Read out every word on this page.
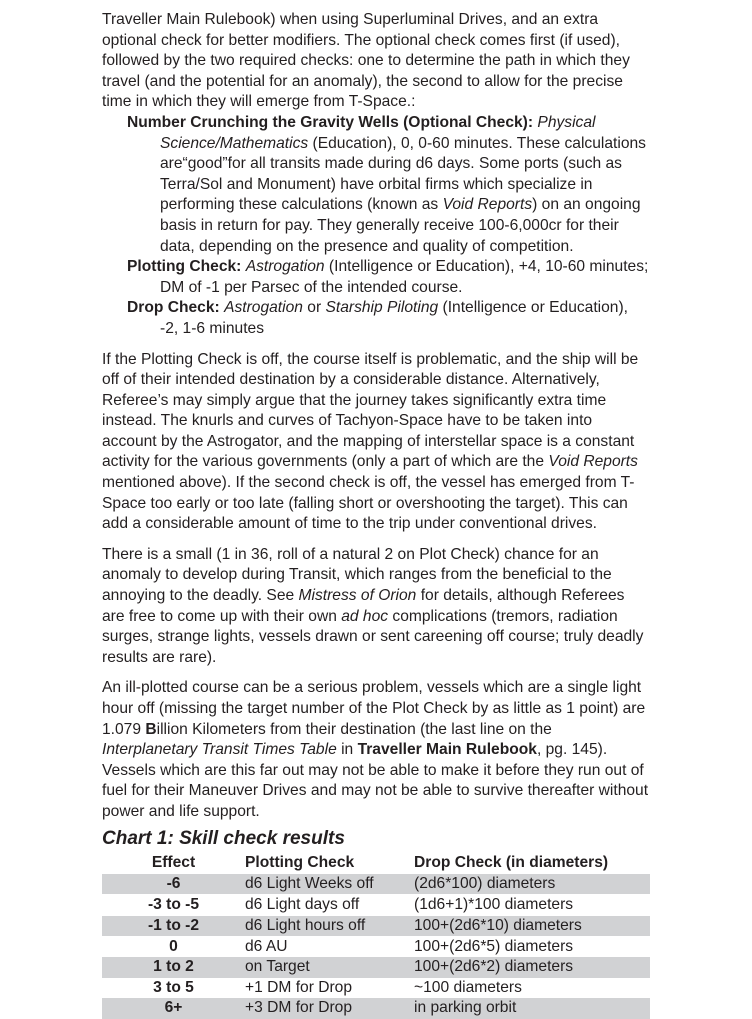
Traveller Main Rulebook) when using Superluminal Drives, and an extra optional check for better modifiers. The optional check comes first (if used), followed by the two required checks: one to determine the path in which they travel (and the potential for an anomaly), the second to allow for the precise time in which they will emerge from T-Space.:

Number Crunching the Gravity Wells (Optional Check): Physical Science/Mathematics (Education), 0, 0-60 minutes. These calculations are“good”for all transits made during d6 days. Some ports (such as Terra/Sol and Monument) have orbital firms which specialize in performing these calculations (known as Void Reports) on an ongoing basis in return for pay. They generally receive 100-6,000cr for their data, depending on the presence and quality of competition.

Plotting Check: Astrogation (Intelligence or Education), +4, 10-60 minutes; DM of -1 per Parsec of the intended course.

Drop Check: Astrogation or Starship Piloting (Intelligence or Education), -2, 1-6 minutes

If the Plotting Check is off, the course itself is problematic, and the ship will be off of their intended destination by a considerable distance. Alternatively, Referee’s may simply argue that the journey takes significantly extra time instead. The knurls and curves of Tachyon-Space have to be taken into account by the Astrogator, and the mapping of interstellar space is a constant activity for the various governments (only a part of which are the Void Reports mentioned above). If the second check is off, the vessel has emerged from T-Space too early or too late (falling short or overshooting the target). This can add a considerable amount of time to the trip under conventional drives.

There is a small (1 in 36, roll of a natural 2 on Plot Check) chance for an anomaly to develop during Transit, which ranges from the beneficial to the annoying to the deadly. See Mistress of Orion for details, although Referees are free to come up with their own ad hoc complications (tremors, radiation surges, strange lights, vessels drawn or sent careening off course; truly deadly results are rare).

An ill-plotted course can be a serious problem, vessels which are a single light hour off (missing the target number of the Plot Check by as little as 1 point) are 1.079 Billion Kilometers from their destination (the last line on the Interplanetary Transit Times Table in Traveller Main Rulebook, pg. 145). Vessels which are this far out may not be able to make it before they run out of fuel for their Maneuver Drives and may not be able to survive thereafter without power and life support.

Chart 1: Skill check results
Effect	Plotting Check	Drop Check (in diameters)
-6	d6 Light Weeks off	(2d6*100) diameters
-3 to -5	d6 Light days off	(1d6+1)*100 diameters
-1 to -2	d6 Light hours off	100+(2d6*10) diameters
0	d6 AU	100+(2d6*5) diameters
1 to 2	on Target	100+(2d6*2) diameters
3 to 5	+1 DM for Drop	~100 diameters
6+	+3 DM for Drop	in parking orbit
